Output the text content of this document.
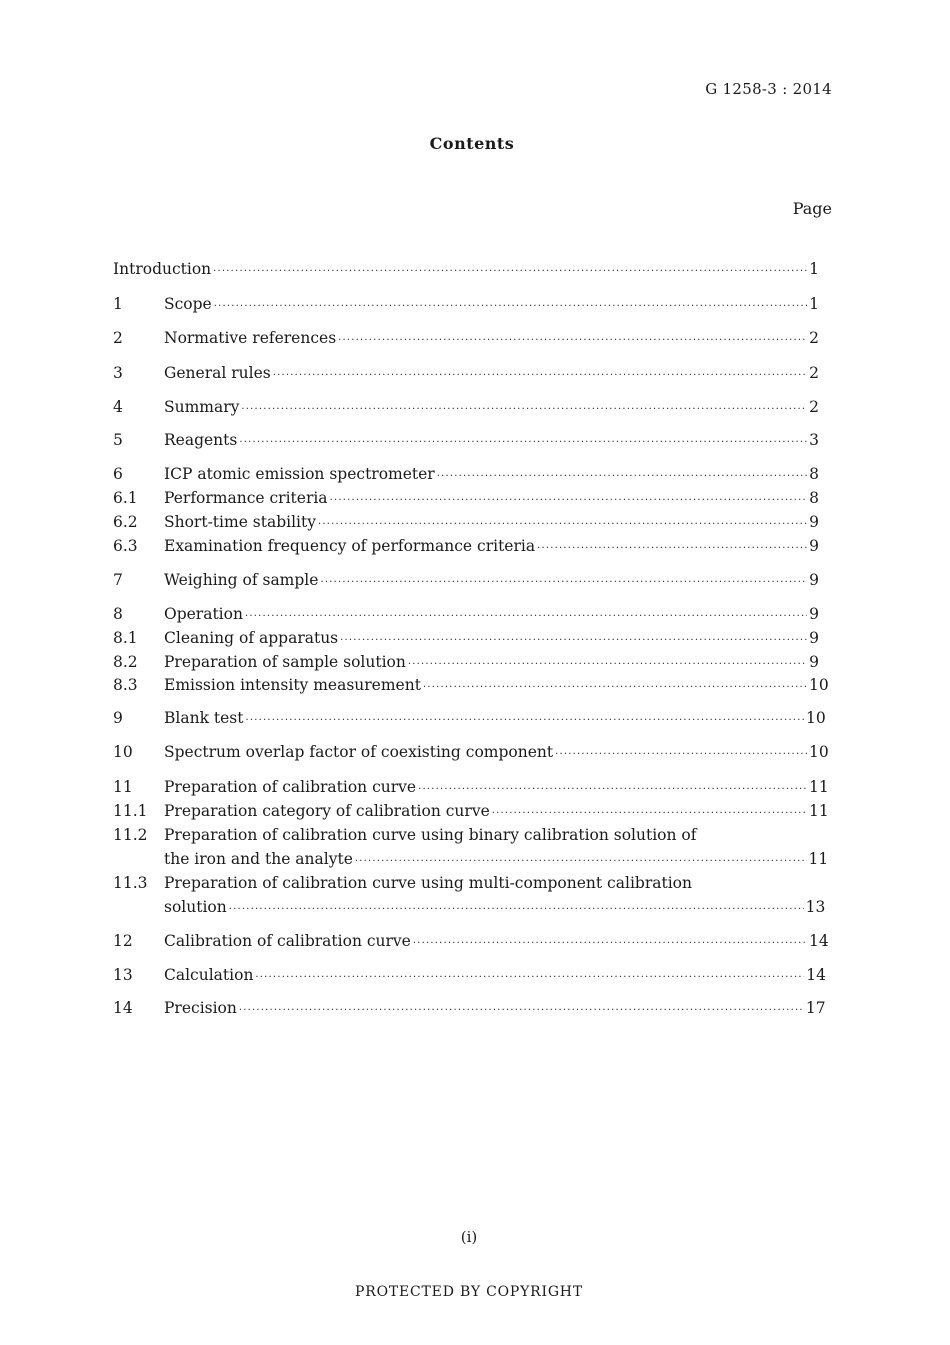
G 1258-3 : 2014
Contents
Page
Introduction ·····	1
1	Scope ·····	1
2	Normative references ·····	2
3	General rules ·····	2
4	Summary ·····	2
5	Reagents ·····	3
6	ICP atomic emission spectrometer ·····	8
6.1	Performance criteria ·····	8
6.2	Short-time stability ·····	9
6.3	Examination frequency of performance criteria ·····	9
7	Weighing of sample ·····	9
8	Operation ·····	9
8.1	Cleaning of apparatus ·····	9
8.2	Preparation of sample solution ·····	9
8.3	Emission intensity measurement ·····	10
9	Blank test ·····	10
10	Spectrum overlap factor of coexisting component ·····	10
11	Preparation of calibration curve ·····	11
11.1	Preparation category of calibration curve ·····	11
11.2	Preparation of calibration curve using binary calibration solution of
the iron and the analyte ·····	11
11.3	Preparation of calibration curve using multi-component calibration
solution ·····	13
12	Calibration of calibration curve ·····	14
13	Calculation ·····	14
14	Precision ·····	17
(i)
PROTECTED BY COPYRIGHT
